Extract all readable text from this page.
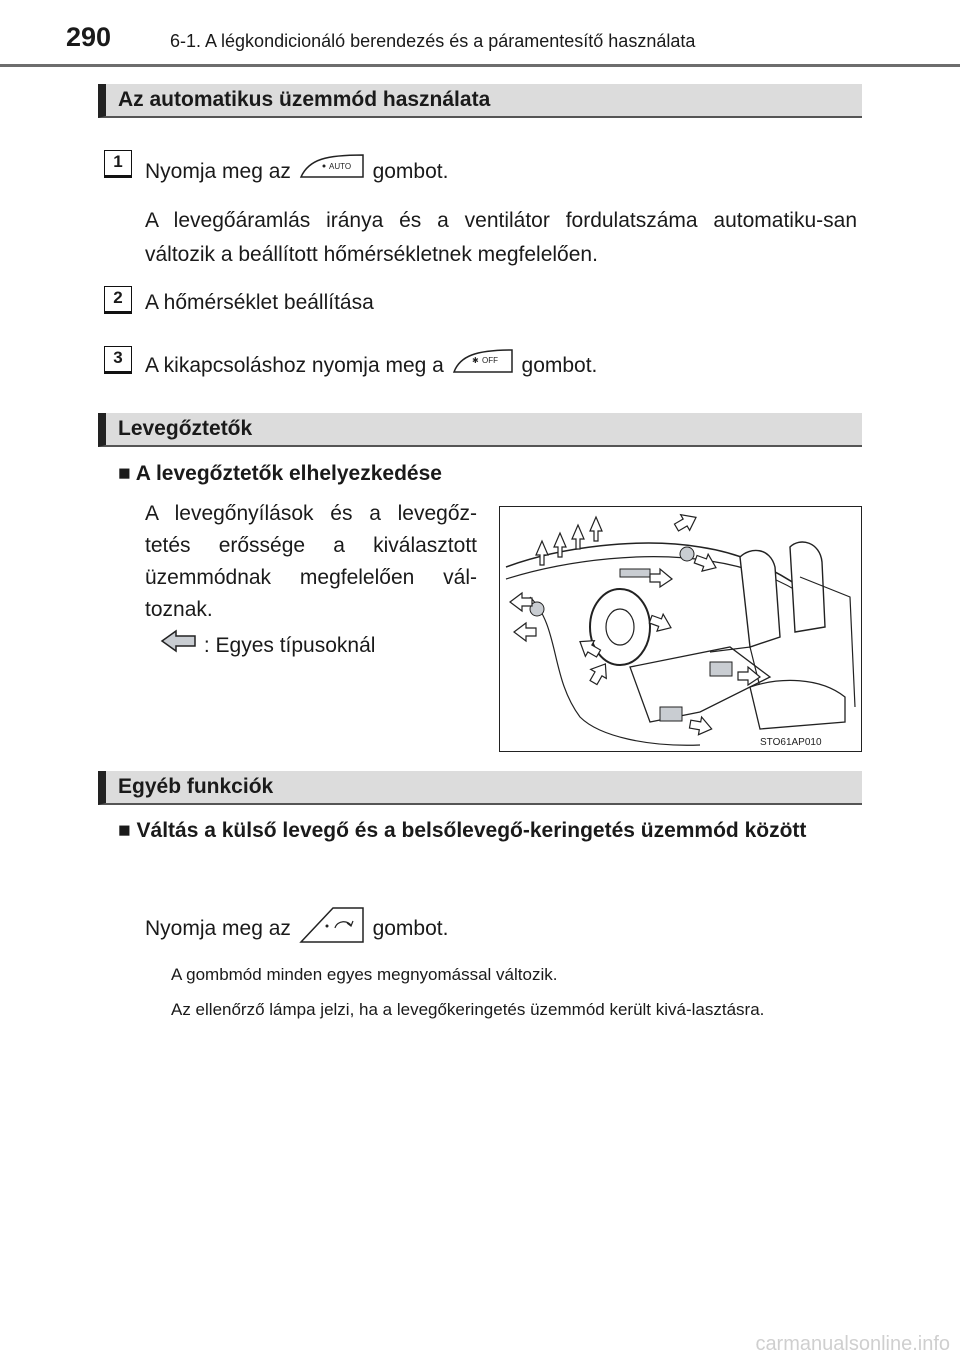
290	6-1. A légkondicionáló berendezés és a páramentesítő használata
Az automatikus üzemmód használata
1	Nyomja meg az	AUTO gombot.
A levegőáramlás iránya és a ventilátor fordulatszáma automatiku-san változik a beállított hőmérsékletnek megfelelően.
2	A hőmérséklet beállítása
3	A kikapcsoláshoz nyomja meg a	✱ OFF gombot.
Levegőztetők
■ A levegőztetők elhelyezkedése
A levegőnyílások és a levegőz-tetés erőssége a kiválasztott üzemmódnak megfelelően vál-toznak.
: Egyes típusoknál
STO61AP010
Egyéb funkciók
■ Váltás a külső levegő és a belsőlevegő-keringetés üzemmód között
Nyomja meg az	gombot.
A gombmód minden egyes megnyomással változik.
Az ellenőrző lámpa jelzi, ha a levegőkeringetés üzemmód került kivá-lasztásra.
carmanualsonline.info
